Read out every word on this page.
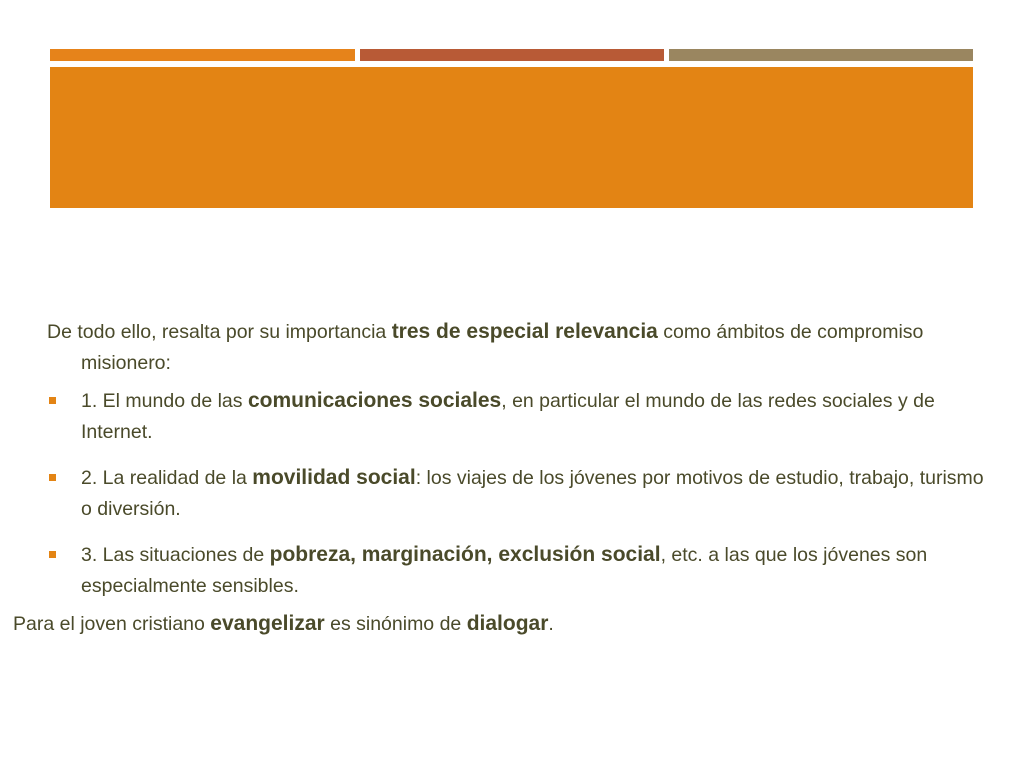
De todo ello, resalta por su importancia tres de especial relevancia como ámbitos de compromiso misionero:

1. El mundo de las comunicaciones sociales, en particular el mundo de las redes sociales y de Internet.
2. La realidad de la movilidad social: los viajes de los jóvenes por motivos de estudio, trabajo, turismo o diversión.
3. Las situaciones de pobreza, marginación, exclusión social, etc. a las que los jóvenes son especialmente sensibles.

Para el joven cristiano evangelizar es sinónimo de dialogar.
